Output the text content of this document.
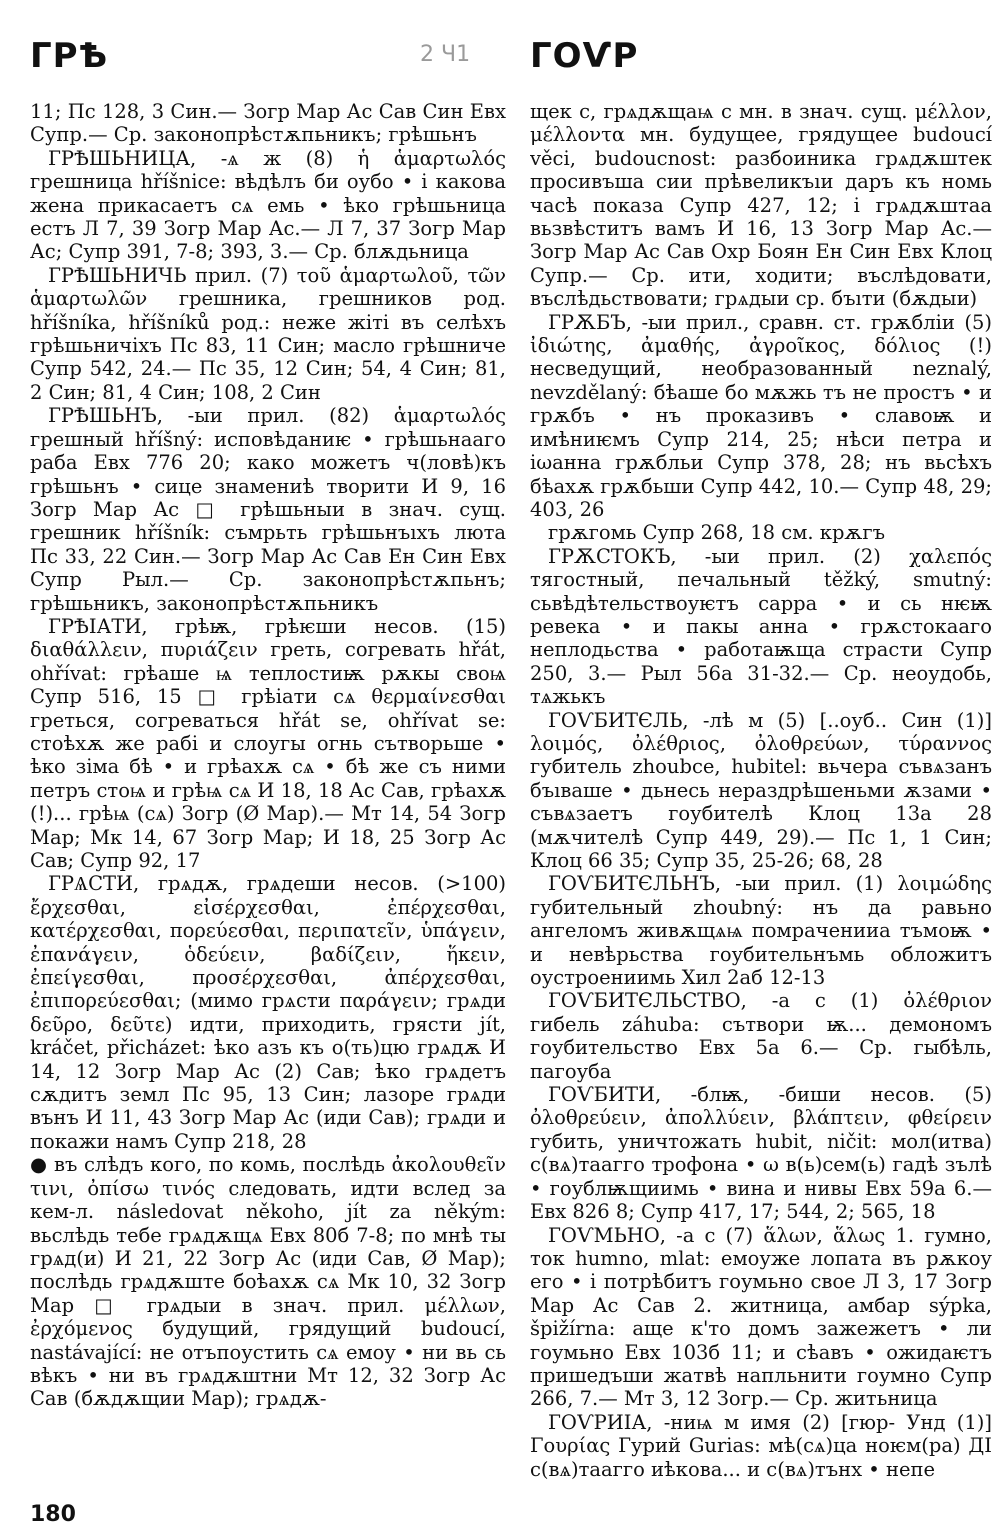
ГРѢ	2 Ч1 ГОѴР

11; Пс 128, 3 Син.— Зогр Мар Ас Сав Син Евх Супр.— Ср. законопрѣстѫпьникъ; грѣшьнъ

ГРѢШЬНИЦА, -ѧ ж (8) ἡ ἁμαρτωλός грешница hříšnice: вѣдѣлъ би оубо • і какова жена прикасаетъ сѧ емь • ѣко грѣшьница естъ Л 7, 39 Зогр Мар Ас.— Л 7, 37 Зогр Мар Ас; Супр 391, 7-8; 393, 3.— Ср. блѫдьница

ГРѢШЬНИЧЬ прил. (7) τοῦ ἁμαρτωλοῦ, τῶν ἁμαρτωλῶν грешника, грешников род. hříšníka, hříšníků род.: неже жіті въ селѣхъ грѣшьничіхъ Пс 83, 11 Син; масло грѣшниче Супр 542, 24.— Пс 35, 12 Син; 54, 4 Син; 81, 2 Син; 81, 4 Син; 108, 2 Син

ГРѢШЬНЪ, -ыи прил. (82) ἁμαρτωλός грешный hříšný: исповѣданиѥ • грѣшьнааго раба Евх 776 20; како можетъ ч(ловѣ)къ грѣшьнъ • сице знамениѣ творити И 9, 16 Зогр Мар Ас □ грѣшьныи в знач. сущ. грешник hříšník: съмрьть грѣшьнъıхъ люта Пс 33, 22 Син.— Зогр Мар Ас Сав Ен Син Евх Супр Рыл.— Ср. законопрѣстѫпьнъ; грѣшьникъ, законопрѣстѫпьникъ

ГРѢІАТИ, грѣѭ, грѣѥши несов. (15) διαθάλλειν, πυριάζειν греть, согревать hřát, ohřívat: грѣаше ѩ теплостиѭ рѫкы своѩ Супр 516, 15 □ грѣіати сѧ θερμαίνεσθαι греться, согреваться hřát se, ohřívat se: стоѣхѫ же рабі и слоугы огнь сътворьше • ѣко зіма бѣ • и грѣахѫ сѧ • бѣ же съ ними петръ стоѩ и грѣѩ сѧ И 18, 18 Ас Сав, грѣахѫ (!)... грѣѩ (сѧ) Зогр (Ø Мар).— Мт 14, 54 Зогр Мар; Мк 14, 67 Зогр Мар; И 18, 25 Зогр Ас Сав; Супр 92, 17

ГРѦСТИ, грѧдѫ, грѧдеши несов. (>100) ἔρχεσθαι, εἰσέρχεσθαι, ἐπέρχεσθαι, κατέρχεσθαι, πορεύεσθαι, περιπατεῖν, ὑπάγειν, ἐπανάγειν, ὁδεύειν, βαδίζειν, ἥκειν, ἐπείγεσθαι, προσέρχεσθαι, ἀπέρχεσθαι, ἐπιπορεύεσθαι; (мимо грѧсти παράγειν; грѧди δεῦρο, δεῦτε) идти, приходить, грясти jít, kráčet, přicházet: ѣко азъ къ о(ть)цю грѧдѫ И 14, 12 Зогр Мар Ас (2) Сав; ѣко грѧдетъ сѫдитъ земл Пс 95, 13 Син; лазоре грѧди вънъ И 11, 43 Зогр Мар Ас (иди Сав); грѧди и покажи намъ Супр 218, 28

● въ слѣдъ кого, по комь, послѣдь ἀκολουθεῖν τινι, ὀπίσω τινός следовать, идти вслед за кем-л. následovat někoho, jít za někým: вьслѣдь тебе грѧдѫщѧ Евх 80б 7-8; по мнѣ ты грѧд(и) И 21, 22 Зогр Ас (иди Сав, Ø Мар); послѣдь грѧдѫште боѣахѫ сѧ Мк 10, 32 Зогр Мар □ грѧдыи в знач. прил. μέλλων, ἐρχόμενος будущий, грядущий budoucí, nastávající: не отъпоустить сѧ емоу • ни вь сь вѣкъ • ни въ грѧдѫштни Мт 12, 32 Зогр Ас Сав (бѫдѫщии Мар); грѧдѫ-

щек с, грѧдѫщаѩ с мн. в знач. сущ. μέλλον, μέλλοντα мн. будущее, грядущее budoucí věci, budoucnost: разбоиника грѧдѫштек просивъша сии прѣвеликъıи даръ къ номь часѣ показа Супр 427, 12; і грѧдѫштаа вьзвѣститъ вамъ И 16, 13 Зогр Мар Ас.— Зогр Мар Ас Сав Охр Боян Ен Син Евх Клоц Супр.— Ср. ити, ходити; въслѣдовати, въслѣдьствовати; грѧдыи ср. бъıти (бѫдыи)

ГРѪБЪ, -ыи прил., сравн. ст. грѫбліи (5) ἰδιώτης, ἀμαθής, ἀγροῖκος, δόλιος (!) несведущий, необразованный neznalý, nevzdělaný: бѣаше бо мѫжь тъ не простъ • и грѫбъ • нъ проказивъ • славоѭ и имѣниѥмъ Супр 214, 25; нѣси петра и іωанна грѫбльи Супр 378, 28; нъ вьсѣхъ бѣахѫ грѫбьши Супр 442, 10.— Супр 48, 29; 403, 26

грѫгомь Супр 268, 18 см. крѫгъ

ГРѪСТОКЪ, -ыи прил. (2) χαλεπός тягостный, печальный těžký, smutný: сьвѣдѣтельствоуѥтъ сарра • и сь нѥѭ ревека • и пакы анна • грѫстокааго неплодьства • работаѭща страсти Супр 250, 3.— Рыл 56а 31-32.— Ср. неоудобь, тѧжькъ

ГОѴБИТЄЛЬ, -лѣ м (5) [..оуб.. Син (1)] λοιμός, ὀλέθριος, ὀλοθρεύων, τύραννος губитель zhoubce, hubitel: вьчера съвѧзанъ бъıваше • дьнесь нераздрѣшеньми ѫзами • съвѧзаетъ гоубителѣ Клоц 13а 28 (мѫчителѣ Супр 449, 29).— Пс 1, 1 Син; Клоц 66 35; Супр 35, 25-26; 68, 28

ГОѴБИТЄЛЬНЪ, -ыи прил. (1) λοιμώδης губительный zhoubný: нъ да равьно ангеломъ живѫщѧѩ помраченииа тъмоѭ • и невѣрьства гоубительнъмь обложитъ оустроениимь Хил 2аб 12-13

ГОѴБИТЄЛЬСТВО, -а с (1) ὀλέθριον гибель záhuba: сътвори ѭ... демономъ гоубительство Евх 5а 6.— Ср. гыбѣль, пагоуба

ГОѴБИТИ, -блѭ, -биши несов. (5) ὀλοθρεύειν, ἀπολλύειν, βλάπτειν, φθείρειν губить, уничтожать hubit, ničit: мол(итва) с(вѧ)таагго трофона • ω в(ь)сем(ь) гадѣ зълѣ • гоублѭщиимь • вина и нивы Евх 59а 6.— Евх 826 8; Супр 417, 17; 544, 2; 565, 18

ГОѴМЬНО, -а с (7) ἅλων, ἅλως 1. гумно, ток humno, mlat: емоуже лопата въ рѫкоу его • і потрѣбитъ гоумьно свое Л 3, 17 Зогр Мар Ас Сав 2. житница, амбар sýpka, špižírna: аще к'то домъ зажежетъ • ли гоумьно Евх 103б 11; и сѣавъ • ожидаѥтъ пришедъши жатвѣ напльнити гоумно Супр 266, 7.— Мт 3, 12 Зогр.— Ср. житьница

ГОѴРИІА, -ниѩ м имя (2) [гюр- Унд (1)] Γουρίας Гурий Gurias: мѣ(сѧ)ца ноѥм(ра) ДІ с(вѧ)таагго иѣкова... и с(вѧ)тънх • непе

180
